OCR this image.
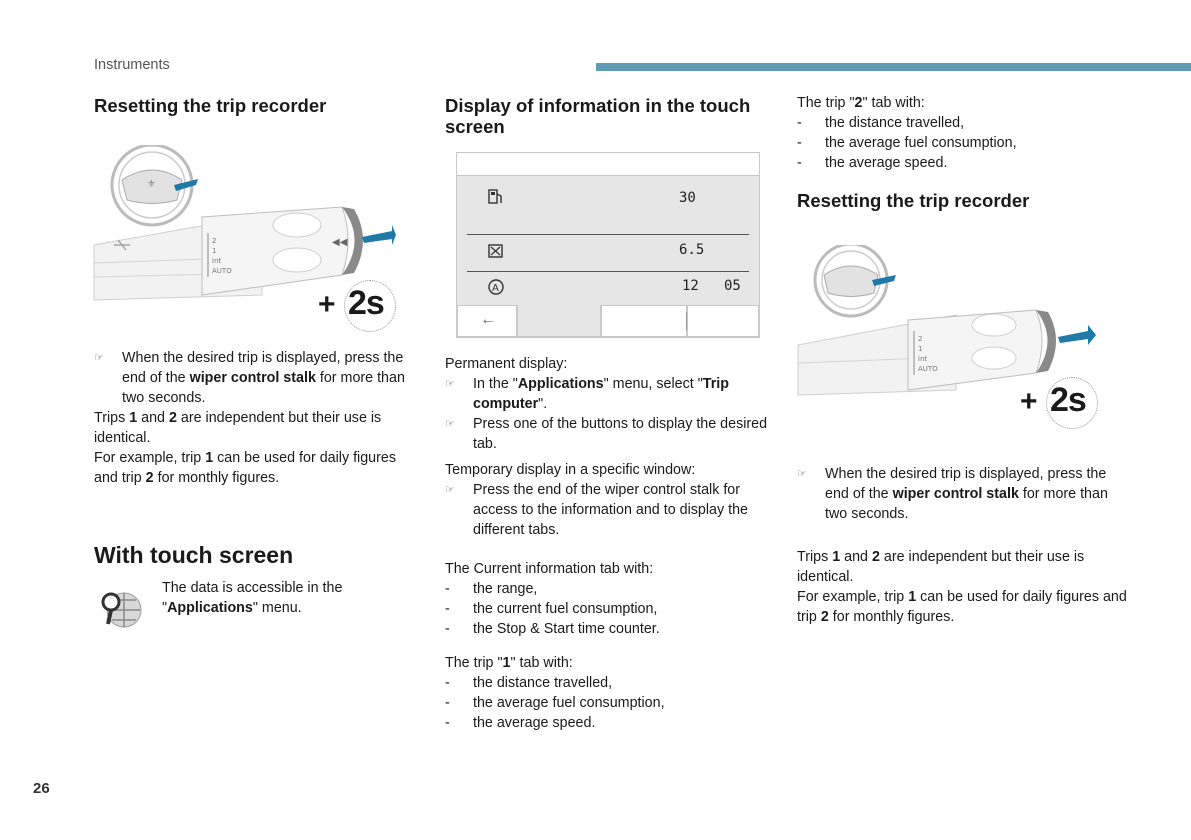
Instruments
26
Resetting the trip recorder
⚜
◀◀
2
1
int
AUTO
+ 2s
☞ When the desired trip is displayed, press the end of the wiper control stalk for more than two seconds.
Trips 1 and 2 are independent but their use is identical.
For example, trip 1 can be used for daily figures and trip 2 for monthly figures.
With touch screen
The data is accessible in the "Applications" menu.
Display of information in the touch screen
30
6.5
A	12 05
←
Permanent display:
☞ In the "Applications" menu, select "Trip computer".
☞ Press one of the buttons to display the desired tab.
Temporary display in a specific window:
☞ Press the end of the wiper control stalk for access to the information and to display the different tabs.
The Current information tab with:
- the range,
- the current fuel consumption,
- the Stop & Start time counter.
The trip "1" tab with:
- the distance travelled,
- the average fuel consumption,
- the average speed.
The trip "2" tab with:
- the distance travelled,
- the average fuel consumption,
- the average speed.
Resetting the trip recorder
2
1
int
AUTO
+ 2s
☞ When the desired trip is displayed, press the end of the wiper control stalk for more than two seconds.
Trips 1 and 2 are independent but their use is identical.
For example, trip 1 can be used for daily figures and trip 2 for monthly figures.
